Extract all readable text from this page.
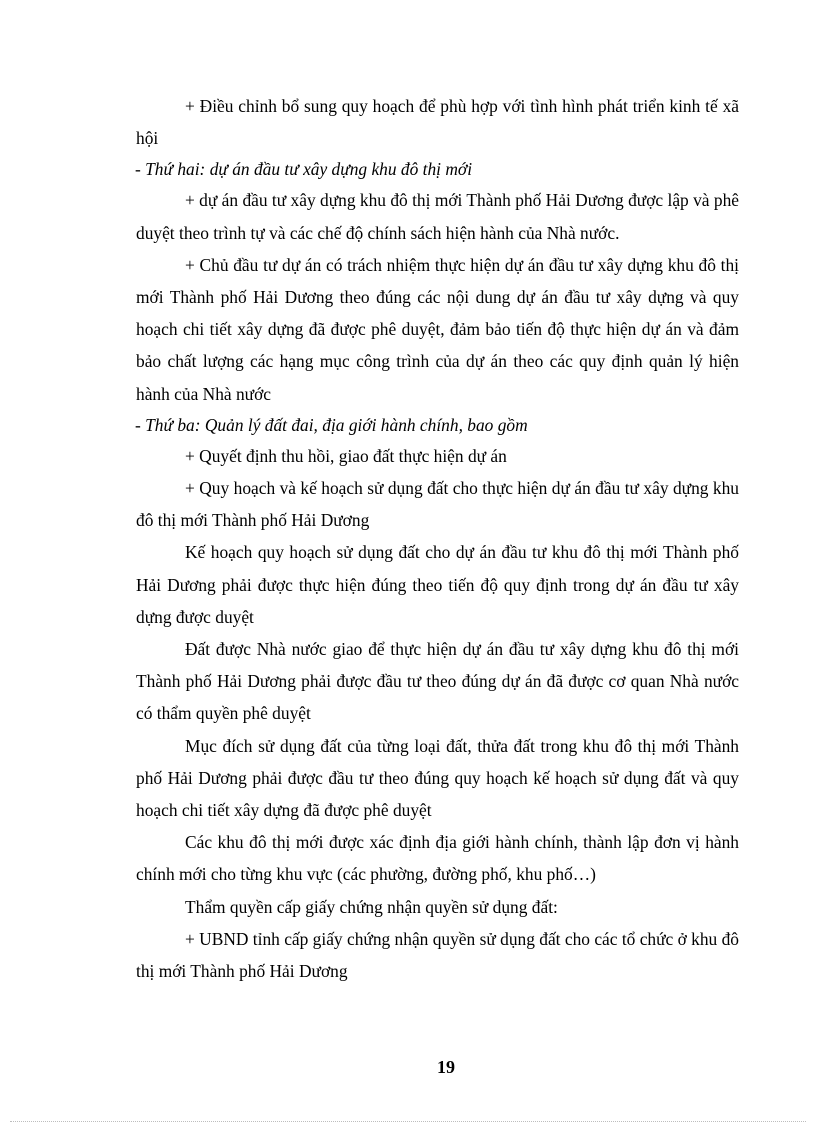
+ Điều chỉnh bổ sung quy hoạch để phù hợp với tình hình phát triển kinh tế xã hội

- Thứ hai: dự án đầu tư xây dựng khu đô thị mới

+ dự án đầu tư xây dựng khu đô thị mới Thành phố Hải Dương được lập và phê duyệt theo trình tự và các chế độ chính sách hiện hành của Nhà nước.

+ Chủ đầu tư dự án có trách nhiệm thực hiện dự án đầu tư xây dựng khu đô thị mới Thành phố Hải Dương theo đúng các nội dung dự án đầu tư xây dựng và quy hoạch chi tiết xây dựng đã được phê duyệt, đảm bảo tiến độ thực hiện dự án và đảm bảo chất lượng các hạng mục công trình của dự án theo các quy định quản lý hiện hành của Nhà nước

- Thứ ba: Quản lý đất đai, địa giới hành chính, bao gồm

+ Quyết định thu hồi, giao đất thực hiện dự án

+ Quy hoạch và kế hoạch sử dụng đất cho thực hiện dự án đầu tư xây dựng khu đô thị mới Thành phố Hải Dương

Kế hoạch quy hoạch sử dụng đất cho dự án đầu tư khu đô thị mới Thành phố Hải Dương phải được thực hiện đúng theo tiến độ quy định trong dự án đầu tư xây dựng được duyệt

Đất được Nhà nước giao để thực hiện dự án đầu tư xây dựng khu đô thị mới Thành phố Hải Dương phải được đầu tư theo đúng dự án đã được cơ quan Nhà nước có thẩm quyền phê duyệt

Mục đích sử dụng đất của từng loại đất, thửa đất trong khu đô thị mới Thành phố Hải Dương phải được đầu tư theo đúng quy hoạch kế hoạch sử dụng đất và quy hoạch chi tiết xây dựng đã được phê duyệt

Các khu đô thị mới được xác định địa giới hành chính, thành lập đơn vị hành chính mới cho từng khu vực (các phường, đường phố, khu phố…)

Thẩm quyền cấp giấy chứng nhận quyền sử dụng đất:

+ UBND tỉnh cấp giấy chứng nhận quyền sử dụng đất cho các tổ chức ở khu đô thị mới Thành phố Hải Dương

19
